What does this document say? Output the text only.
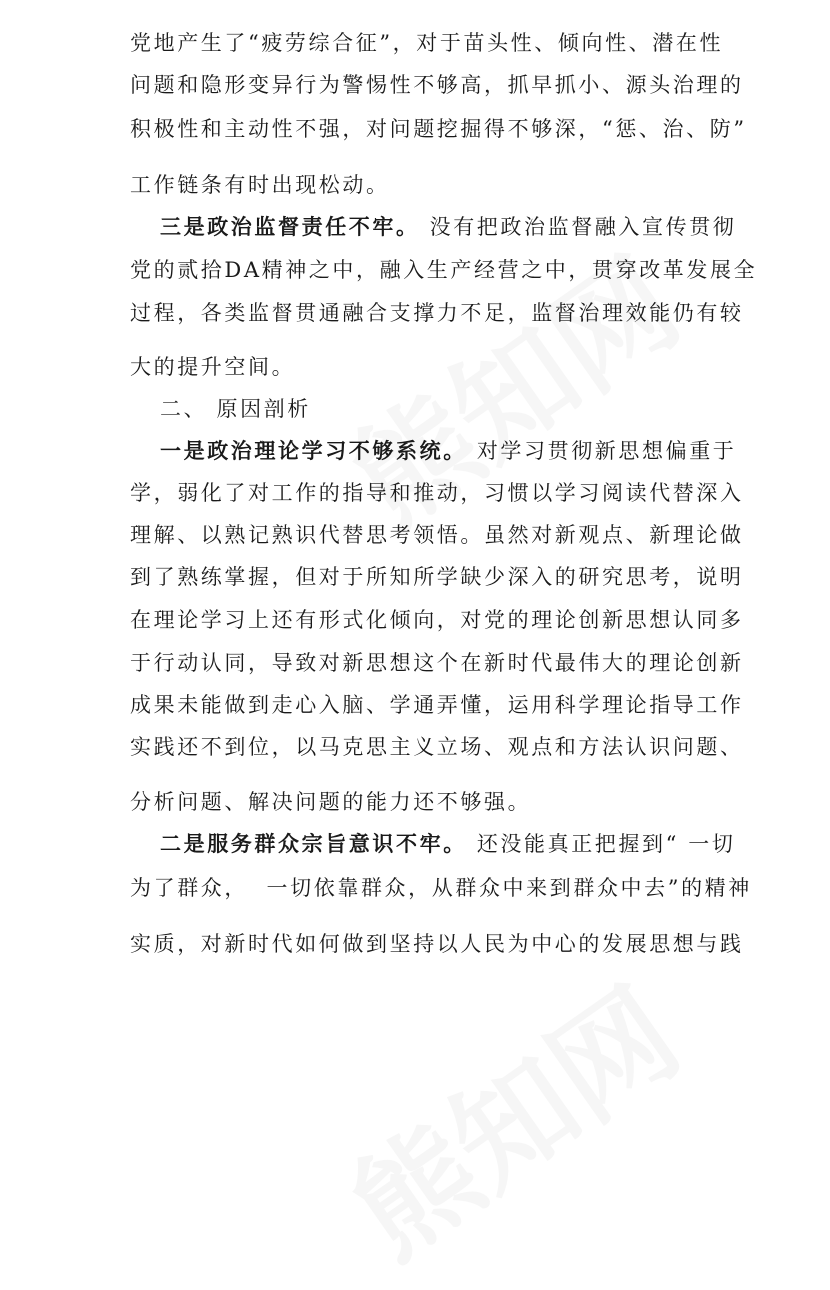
党地产生了“疲劳综合征”，对于苗头性、倾向性、潜在性
问题和隐形变异行为警惕性不够高，抓早抓小、源头治理的
积极性和主动性不强，对问题挖掘得不够深，“惩、治、防”
工作链条有时出现松动。
三是政治监督责任不牢。 没有把政治监督融入宣传贯彻
党的贰拾DA精神之中，融入生产经营之中，贯穿改革发展全
过程，各类监督贯通融合支撑力不足，监督治理效能仍有较
大的提升空间。
二、 原因剖析
一是政治理论学习不够系统。 对学习贯彻新思想偏重于
学，弱化了对工作的指导和推动，习惯以学习阅读代替深入
理解、以熟记熟识代替思考领悟。虽然对新观点、新理论做
到了熟练掌握，但对于所知所学缺少深入的研究思考，说明
在理论学习上还有形式化倾向，对党的理论创新思想认同多
于行动认同，导致对新思想这个在新时代最伟大的理论创新
成果未能做到走心入脑、学通弄懂，运用科学理论指导工作
实践还不到位，以马克思主义立场、观点和方法认识问题、
分析问题、解决问题的能力还不够强。
二是服务群众宗旨意识不牢。 还没能真正把握到“ 一切
为了群众，  一切依靠群众，从群众中来到群众中去”的精神
实质，对新时代如何做到坚持以人民为中心的发展思想与践
